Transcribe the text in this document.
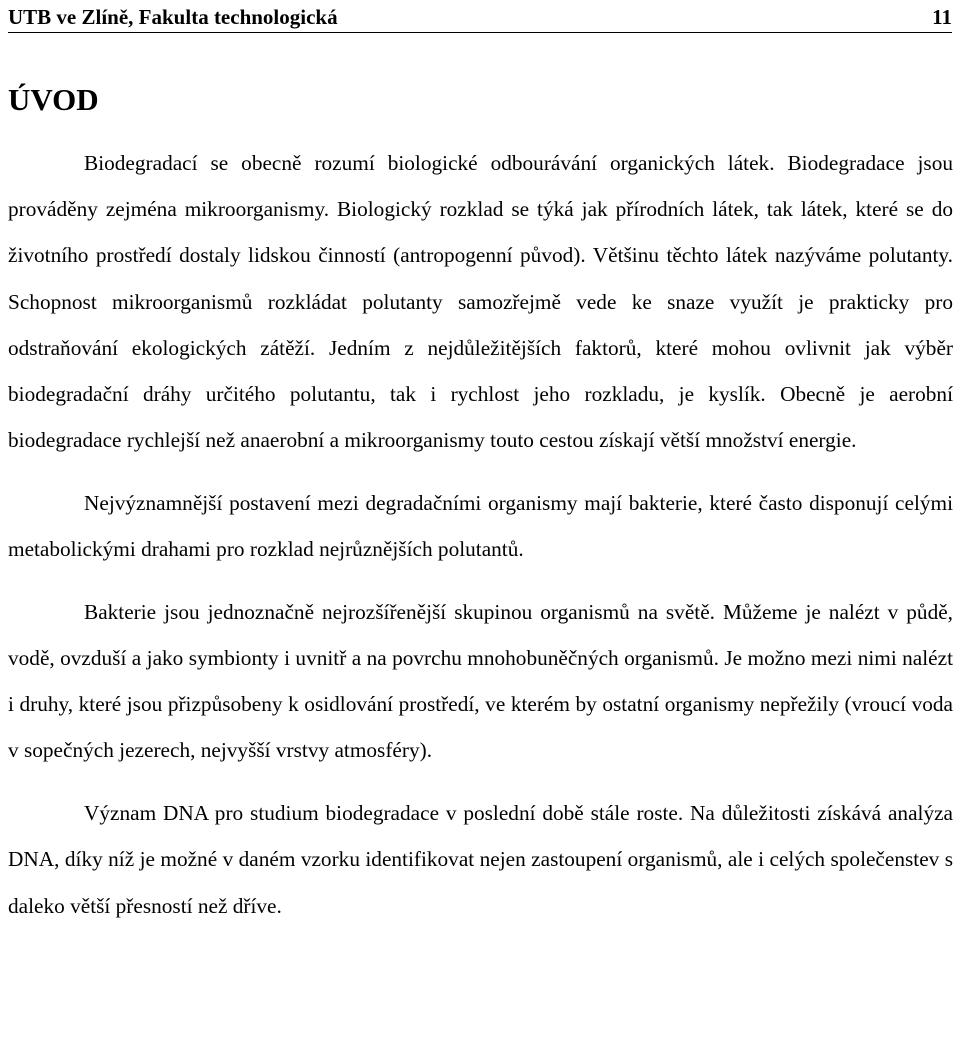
UTB ve Zlíně, Fakulta technologická	11
ÚVOD

Biodegradací se obecně rozumí biologické odbourávání organických látek. Biodegradace jsou prováděny zejména mikroorganismy. Biologický rozklad se týká jak přírodních látek, tak látek, které se do životního prostředí dostaly lidskou činností (antropogenní původ). Většinu těchto látek nazýváme polutanty. Schopnost mikroorganismů rozkládat polutanty samozřejmě vede ke snaze využít je prakticky pro odstraňování ekologických zátěží. Jedním z nejdůležitějších faktorů, které mohou ovlivnit jak výběr biodegradační dráhy určitého polutantu, tak i rychlost jeho rozkladu, je kyslík. Obecně je aerobní biodegradace rychlejší než anaerobní a mikroorganismy touto cestou získají větší množství energie.

Nejvýznamnější postavení mezi degradačními organismy mají bakterie, které často disponují celými metabolickými drahami pro rozklad nejrůznějších polutantů.

Bakterie jsou jednoznačně nejrozšířenější skupinou organismů na světě. Můžeme je nalézt v půdě, vodě, ovzduší a jako symbionty i uvnitř a na povrchu mnohobuněčných organismů. Je možno mezi nimi nalézt i druhy, které jsou přizpůsobeny k osidlování prostředí, ve kterém by ostatní organismy nepřežily (vroucí voda v sopečných jezerech, nejvyšší vrstvy atmosféry).

Význam DNA pro studium biodegradace v poslední době stále roste. Na důležitosti získává analýza DNA, díky níž je možné v daném vzorku identifikovat nejen zastoupení organismů, ale i celých společenstev s daleko větší přesností než dříve.
